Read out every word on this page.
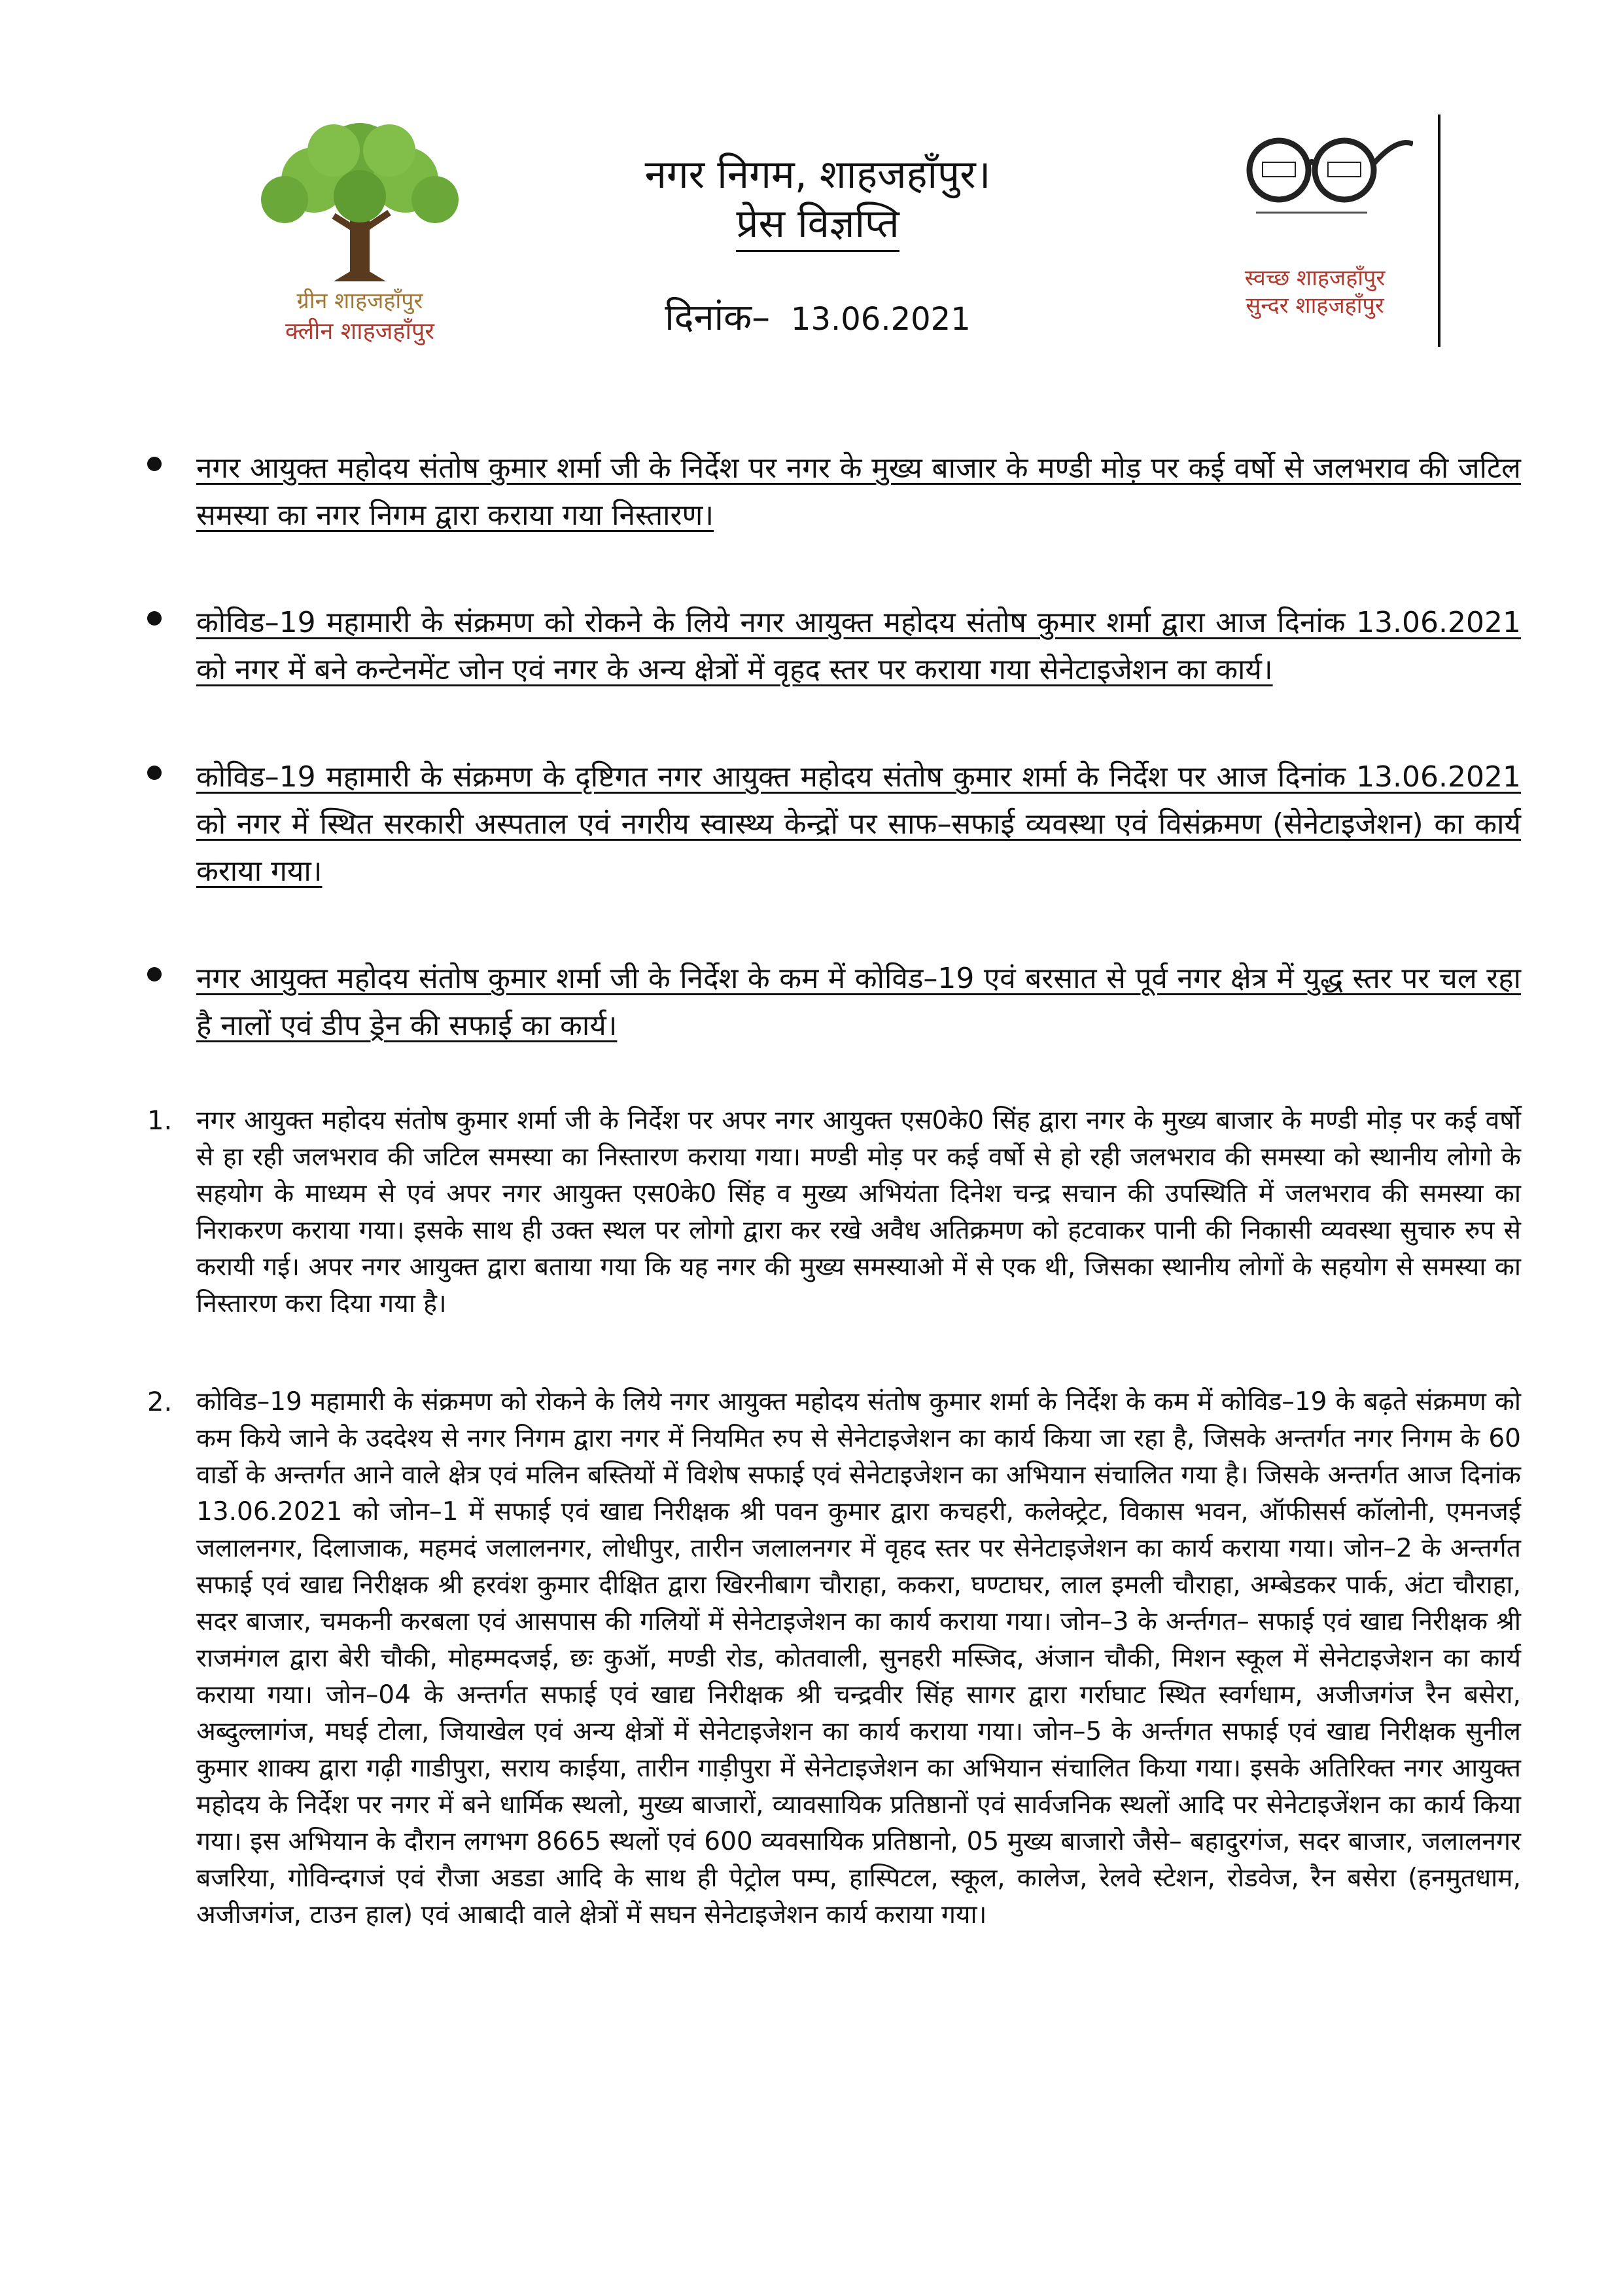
ग्रीन शाहजहाँपुर
क्लीन शाहजहाँपुर

नगर निगम, शाहजहाँपुर।

प्रेस विज्ञप्ति
दिनांक– 13.06.2021
स्वच्छ शाहजहाँपुर
सुन्दर शाहजहाँपुर

नगर आयुक्त महोदय संतोष कुमार शर्मा जी के निर्देश पर नगर के मुख्य बाजार के मण्डी मोड़ पर कई वर्षो से जलभराव की जटिल समस्या का नगर निगम द्वारा कराया गया निस्तारण।

कोविड–19 महामारी के संक्रमण को रोकने के लिये नगर आयुक्त महोदय संतोष कुमार शर्मा द्वारा आज दिनांक 13.06.2021 को नगर में बने कन्टेनमेंट जोन एवं नगर के अन्य क्षेत्रों में वृहद स्तर पर कराया गया सेनेटाइजेशन का कार्य।

कोविड–19 महामारी के संक्रमण के दृष्टिगत नगर आयुक्त महोदय संतोष कुमार शर्मा के निर्देश पर आज दिनांक 13.06.2021 को नगर में स्थित सरकारी अस्पताल एवं नगरीय स्वास्थ्य केन्द्रों पर साफ–सफाई व्यवस्था एवं विसंक्रमण (सेनेटाइजेशन) का कार्य कराया गया।

नगर आयुक्त महोदय संतोष कुमार शर्मा जी के निर्देश के कम में कोविड–19 एवं बरसात से पूर्व नगर क्षेत्र में युद्ध स्तर पर चल रहा है नालों एवं डीप ड्रेन की सफाई का कार्य।

1. नगर आयुक्त महोदय संतोष कुमार शर्मा जी के निर्देश पर अपर नगर आयुक्त एस0के0 सिंह द्वारा नगर के मुख्य बाजार के मण्डी मोड़ पर कई वर्षो से हा रही जलभराव की जटिल समस्या का निस्तारण कराया गया। मण्डी मोड़ पर कई वर्षो से हो रही जलभराव की समस्या को स्थानीय लोगो के सहयोग के माध्यम से एवं अपर नगर आयुक्त एस0के0 सिंह व मुख्य अभियंता दिनेश चन्द्र सचान की उपस्थिति में जलभराव की समस्या का निराकरण कराया गया। इसके साथ ही उक्त स्थल पर लोगो द्वारा कर रखे अवैध अतिक्रमण को हटवाकर पानी की निकासी व्यवस्था सुचारु रुप से करायी गई। अपर नगर आयुक्त द्वारा बताया गया कि यह नगर की मुख्य समस्याओ में से एक थी, जिसका स्थानीय लोगों के सहयोग से समस्या का निस्तारण करा दिया गया है।

2. कोविड–19 महामारी के संक्रमण को रोकने के लिये नगर आयुक्त महोदय संतोष कुमार शर्मा के निर्देश के कम में कोविड–19 के बढ़ते संक्रमण को कम किये जाने के उददेश्य से नगर निगम द्वारा नगर में नियमित रुप से सेनेटाइजेशन का कार्य किया जा रहा है, जिसके अन्तर्गत नगर निगम के 60 वार्डो के अन्तर्गत आने वाले क्षेत्र एवं मलिन बस्तियों में विशेष सफाई एवं सेनेटाइजेशन का अभियान संचालित गया है। जिसके अन्तर्गत आज दिनांक 13.06.2021 को जोन–1 में सफाई एवं खाद्य निरीक्षक श्री पवन कुमार द्वारा कचहरी, कलेक्ट्रेट, विकास भवन, ऑफीसर्स कॉलोनी, एमनजई जलालनगर, दिलाजाक, महमदं जलालनगर, लोधीपुर, तारीन जलालनगर में वृहद स्तर पर सेनेटाइजेशन का कार्य कराया गया। जोन–2 के अन्तर्गत सफाई एवं खाद्य निरीक्षक श्री हरवंश कुमार दीक्षित द्वारा खिरनीबाग चौराहा, ककरा, घण्टाघर, लाल इमली चौराहा, अम्बेडकर पार्क, अंटा चौराहा, सदर बाजार, चमकनी करबला एवं आसपास की गलियों में सेनेटाइजेशन का कार्य कराया गया। जोन–3 के अर्न्तगत– सफाई एवं खाद्य निरीक्षक श्री राजमंगल द्वारा बेरी चौकी, मोहम्मदजई, छः कुऑ, मण्डी रोड, कोतवाली, सुनहरी मस्जिद, अंजान चौकी, मिशन स्कूल में सेनेटाइजेशन का कार्य कराया गया। जोन–04 के अन्तर्गत सफाई एवं खाद्य निरीक्षक श्री चन्द्रवीर सिंह सागर द्वारा गर्राघाट स्थित स्वर्गधाम, अजीजगंज रैन बसेरा, अब्दुल्लागंज, मघई टोला, जियाखेल एवं अन्य क्षेत्रों में सेनेटाइजेशन का कार्य कराया गया। जोन–5 के अर्न्तगत सफाई एवं खाद्य निरीक्षक सुनील कुमार शाक्य द्वारा गढ़ी गाडीपुरा, सराय काईया, तारीन गाड़ीपुरा में सेनेटाइजेशन का अभियान संचालित किया गया। इसके अतिरिक्त नगर आयुक्त महोदय के निर्देश पर नगर में बने धार्मिक स्थलो, मुख्य बाजारों, व्यावसायिक प्रतिष्ठानों एवं सार्वजनिक स्थलों आदि पर सेनेटाइजेंशन का कार्य किया गया। इस अभियान के दौरान लगभग 8665 स्थलों एवं 600 व्यवसायिक प्रतिष्ठानो, 05 मुख्य बाजारो जैसे– बहादुरगंज, सदर बाजार, जलालनगर बजरिया, गोविन्दगजं एवं रौजा अडडा आदि के साथ ही पेट्रोल पम्प, हास्पिटल, स्कूल, कालेज, रेलवे स्टेशन, रोडवेज, रैन बसेरा (हनमुतधाम, अजीजगंज, टाउन हाल) एवं आबादी वाले क्षेत्रों में सघन सेनेटाइजेशन कार्य कराया गया।
